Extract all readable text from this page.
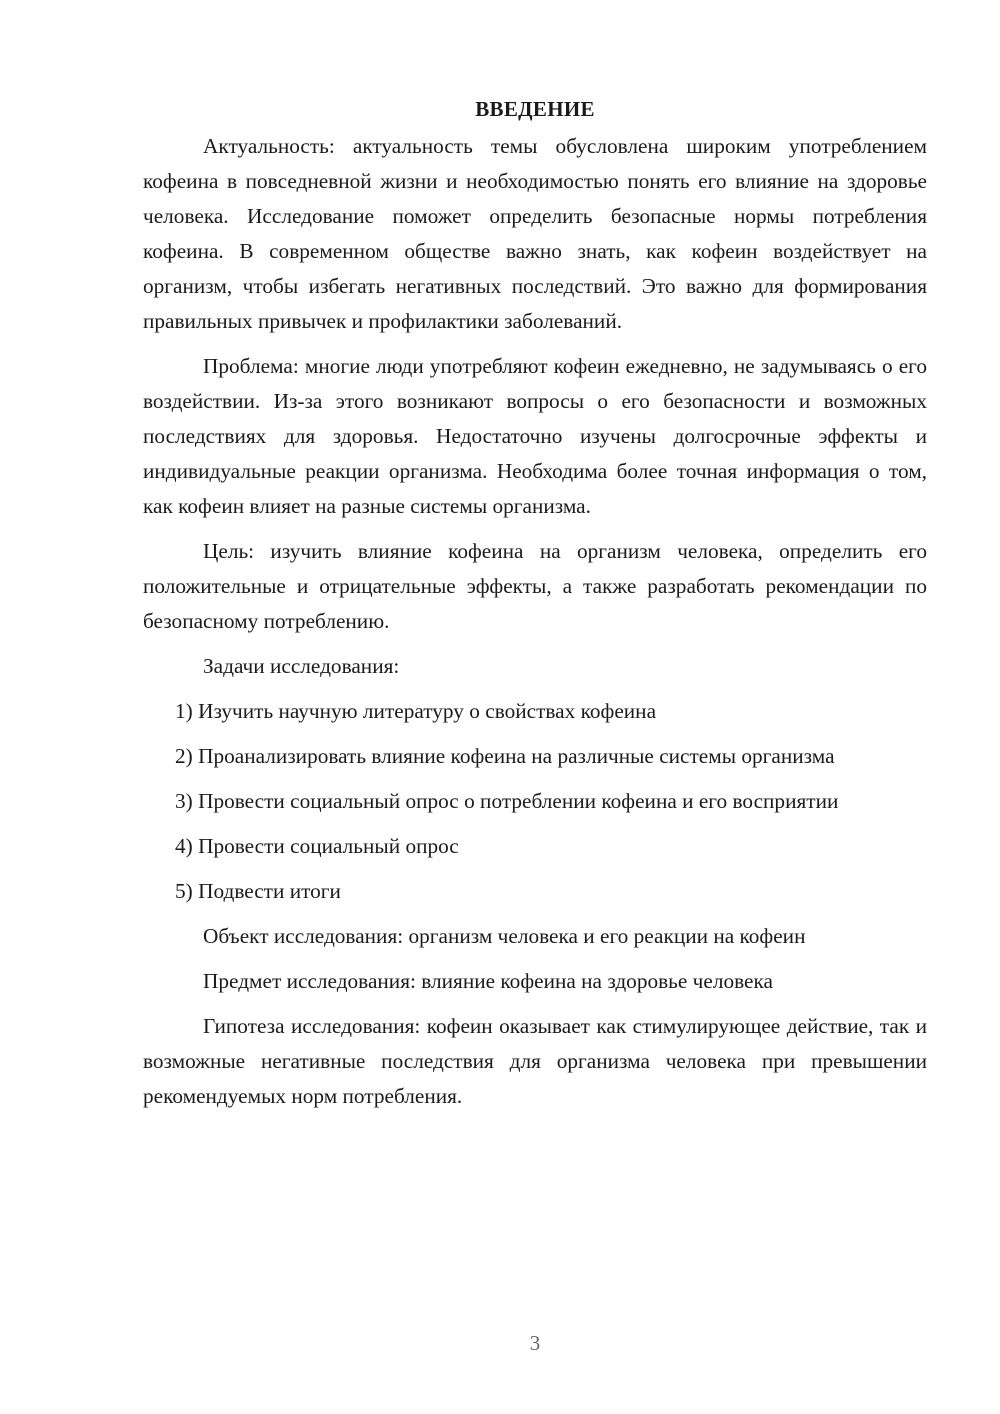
ВВЕДЕНИЕ

Актуальность: актуальность темы обусловлена широким употреблением кофеина в повседневной жизни и необходимостью понять его влияние на здоровье человека. Исследование поможет определить безопасные нормы потребления кофеина. В современном обществе важно знать, как кофеин воздействует на организм, чтобы избегать негативных последствий. Это важно для формирования правильных привычек и профилактики заболеваний.

Проблема: многие люди употребляют кофеин ежедневно, не задумываясь о его воздействии. Из-за этого возникают вопросы о его безопасности и возможных последствиях для здоровья. Недостаточно изучены долгосрочные эффекты и индивидуальные реакции организма. Необходима более точная информация о том, как кофеин влияет на разные системы организма.

Цель: изучить влияние кофеина на организм человека, определить его положительные и отрицательные эффекты, а также разработать рекомендации по безопасному потреблению.

Задачи исследования:
1) Изучить научную литературу о свойствах кофеина
2) Проанализировать влияние кофеина на различные системы организма
3) Провести социальный опрос о потреблении кофеина и его восприятии
4) Провести социальный опрос
5) Подвести итоги
Объект исследования: организм человека и его реакции на кофеин
Предмет исследования: влияние кофеина на здоровье человека

Гипотеза исследования: кофеин оказывает как стимулирующее действие, так и возможные негативные последствия для организма человека при превышении рекомендуемых норм потребления.

3
